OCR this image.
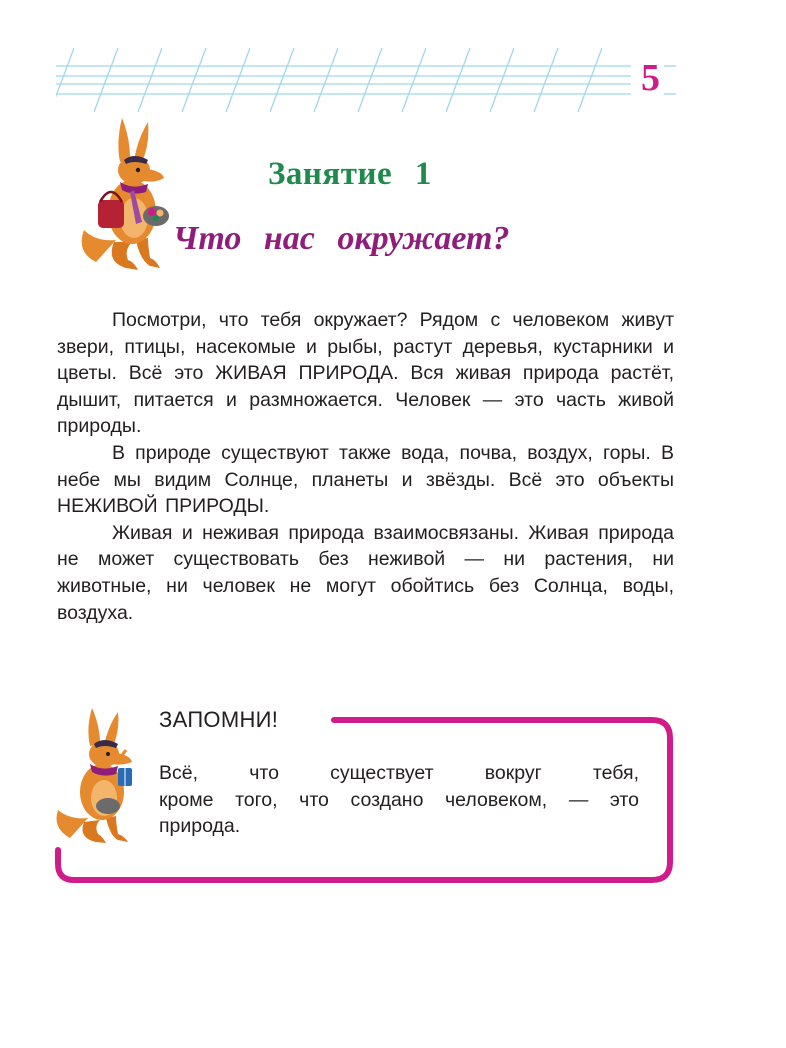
5
Занятие 1
Что нас окружает?

Посмотри, что тебя окружает? Рядом с человеком живут звери, птицы, насекомые и рыбы, растут деревья, кустарники и цветы. Всё это ЖИВАЯ ПРИРОДА. Вся живая природа растёт, дышит, питается и размножается. Человек — это часть живой природы.

В природе существуют также вода, почва, воздух, горы. В небе мы видим Солнце, планеты и звёзды. Всё это объекты НЕЖИВОЙ ПРИРОДЫ.

Живая и неживая природа взаимосвязаны. Живая природа не может существовать без неживой — ни растения, ни животные, ни человек не могут обойтись без Солнца, воды, воздуха.

ЗАПОМНИ!
Всё, что существует вокруг тебя,
кроме того, что создано человеком, — это
природа.
